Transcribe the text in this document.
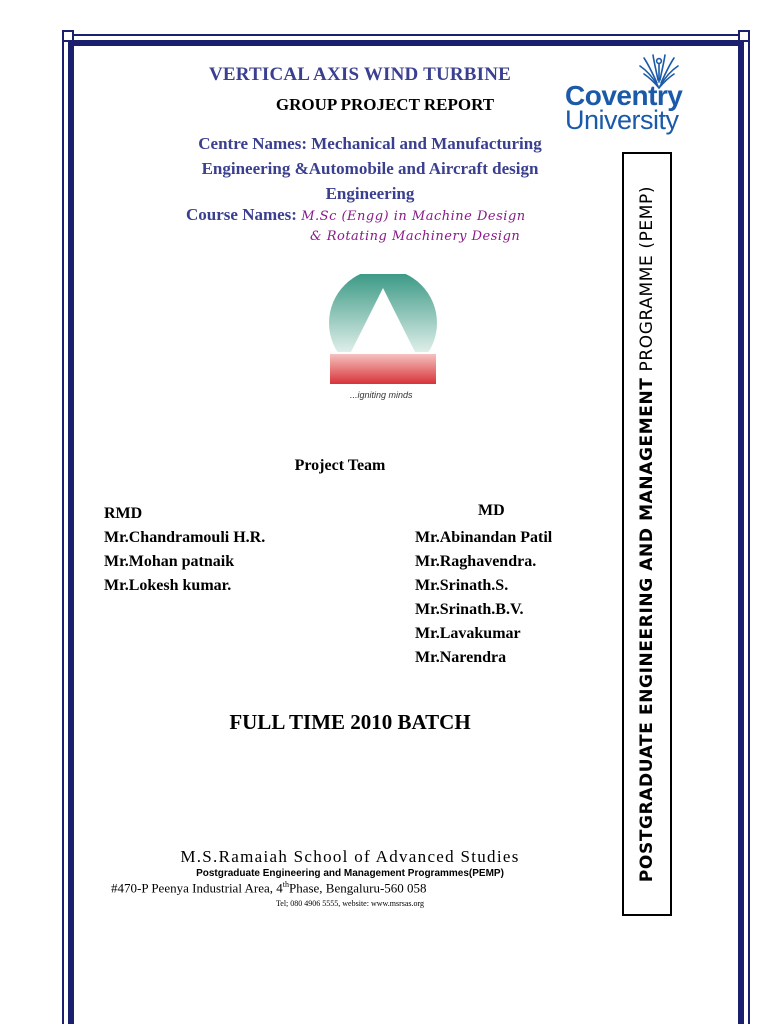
VERTICAL AXIS WIND TURBINE
GROUP PROJECT REPORT
Centre Names: Mechanical and Manufacturing
Engineering &Automobile and Aircraft design
Engineering
Course Names: M.Sc (Engg) in Machine Design
& Rotating Machinery Design
Coventry
University
POSTGRADUATE ENGINEERING AND MANAGEMENT PROGRAMME (PEMP)
...igniting minds
Project Team
RMD
Mr.Chandramouli H.R.
Mr.Mohan patnaik
Mr.Lokesh kumar.
MD
Mr.Abinandan Patil
Mr.Raghavendra.
Mr.Srinath.S.
Mr.Srinath.B.V.
Mr.Lavakumar
Mr.Narendra
FULL TIME 2010 BATCH
M.S.Ramaiah School of Advanced Studies
Postgraduate Engineering and Management Programmes(PEMP)
#470-P Peenya Industrial Area, 4thPhase, Bengaluru-560 058
Tel; 080 4906 5555, website: www.msrsas.org
